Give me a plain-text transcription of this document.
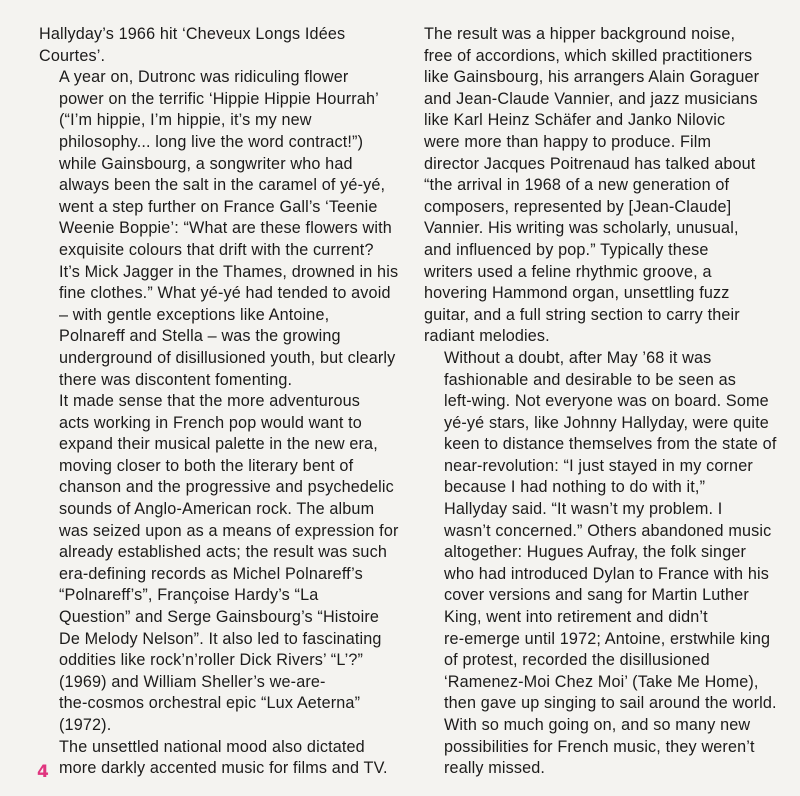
Hallyday’s 1966 hit ‘Cheveux Longs Idées
Courtes’.

A year on, Dutronc was ridiculing flower
power on the terrific ‘Hippie Hippie Hourrah’
(“I’m hippie, I’m hippie, it’s my new
philosophy... long live the word contract!”)
while Gainsbourg, a songwriter who had
always been the salt in the caramel of yé-yé,
went a step further on France Gall’s ‘Teenie
Weenie Boppie’: “What are these flowers with
exquisite colours that drift with the current?
It’s Mick Jagger in the Thames, drowned in his
fine clothes.” What yé-yé had tended to avoid
– with gentle exceptions like Antoine,
Polnareff and Stella – was the growing
underground of disillusioned youth, but clearly
there was discontent fomenting.

It made sense that the more adventurous
acts working in French pop would want to
expand their musical palette in the new era,
moving closer to both the literary bent of
chanson and the progressive and psychedelic
sounds of Anglo-American rock. The album
was seized upon as a means of expression for
already established acts; the result was such
era-defining records as Michel Polnareff’s
“Polnareff’s”, Françoise Hardy’s “La
Question” and Serge Gainsbourg’s “Histoire
De Melody Nelson”. It also led to fascinating
oddities like rock’n’roller Dick Rivers’ “L’?”
(1969) and William Sheller’s we-are-
the-cosmos orchestral epic “Lux Aeterna”
(1972).

The unsettled national mood also dictated
more darkly accented music for films and TV.

The result was a hipper background noise,
free of accordions, which skilled practitioners
like Gainsbourg, his arrangers Alain Goraguer
and Jean-Claude Vannier, and jazz musicians
like Karl Heinz Schäfer and Janko Nilovic
were more than happy to produce. Film
director Jacques Poitrenaud has talked about
“the arrival in 1968 of a new generation of
composers, represented by [Jean-Claude]
Vannier. His writing was scholarly, unusual,
and influenced by pop.” Typically these
writers used a feline rhythmic groove, a
hovering Hammond organ, unsettling fuzz
guitar, and a full string section to carry their
radiant melodies.

Without a doubt, after May ’68 it was
fashionable and desirable to be seen as
left-wing. Not everyone was on board. Some
yé-yé stars, like Johnny Hallyday, were quite
keen to distance themselves from the state of
near-revolution: “I just stayed in my corner
because I had nothing to do with it,”
Hallyday said. “It wasn’t my problem. I
wasn’t concerned.” Others abandoned music
altogether: Hugues Aufray, the folk singer
who had introduced Dylan to France with his
cover versions and sang for Martin Luther
King, went into retirement and didn’t
re-emerge until 1972; Antoine, erstwhile king
of protest, recorded the disillusioned
‘Ramenez-Moi Chez Moi’ (Take Me Home),
then gave up singing to sail around the world.
With so much going on, and so many new
possibilities for French music, they weren’t
really missed.

4
